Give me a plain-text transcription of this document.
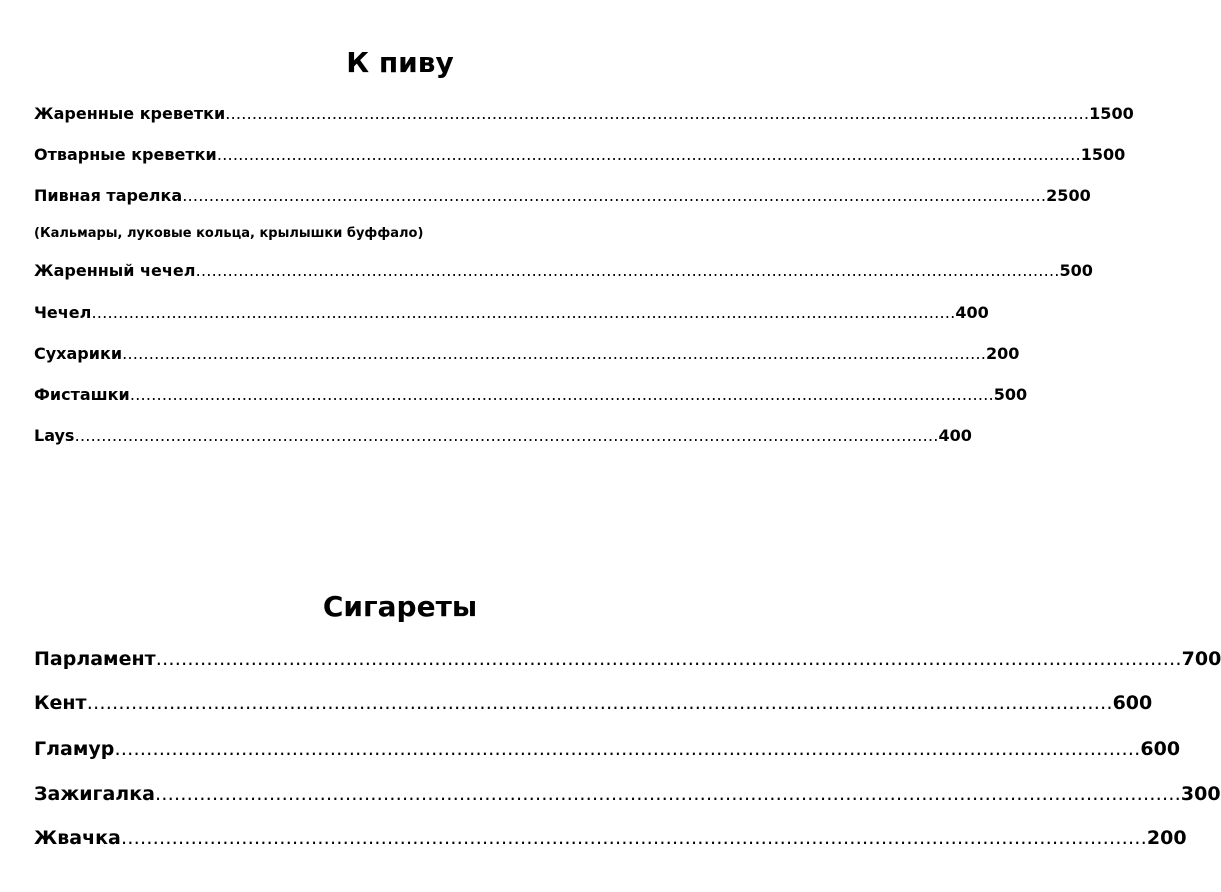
К пиву
Жаренные креветки ……………………………………………………………………………………………………………………………………………… 1500
Отварные креветки ……………………………………………………………………………………………………………………………………………… 1500
Пивная тарелка ……………………………………………………………………………………………………………………………………………… 2500
(Кальмары, луковые кольца, крылышки буффало)
Жаренный чечел ……………………………………………………………………………………………………………………………………………… 500
Чечел ……………………………………………………………………………………………………………………………………………… 400
Сухарики ……………………………………………………………………………………………………………………………………………… 200
Фисташки ……………………………………………………………………………………………………………………………………………… 500
Lays ……………………………………………………………………………………………………………………………………………… 400
Сигареты
Парламент ……………………………………………………………………………………………………………………………………………… 700
Кент ……………………………………………………………………………………………………………………………………………… 600
Гламур ……………………………………………………………………………………………………………………………………………… 600
Зажигалка ……………………………………………………………………………………………………………………………………………… 300
Жвачка ……………………………………………………………………………………………………………………………………………… 200
